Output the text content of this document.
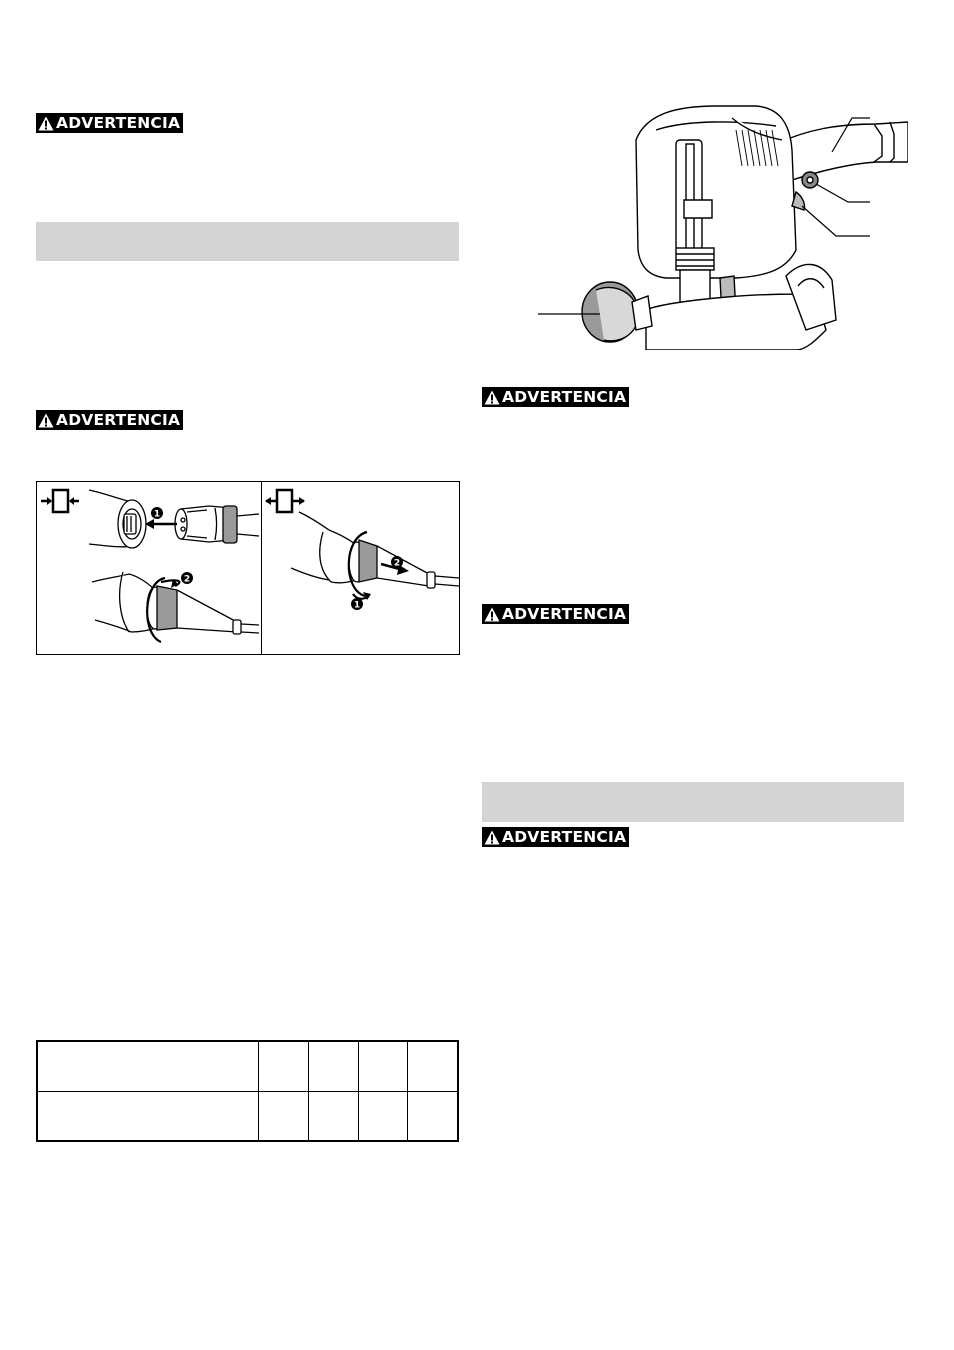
ADVERTENCIA
ADVERTENCIA
1
2
2
1

ADVERTENCIA
ADVERTENCIA
ADVERTENCIA
